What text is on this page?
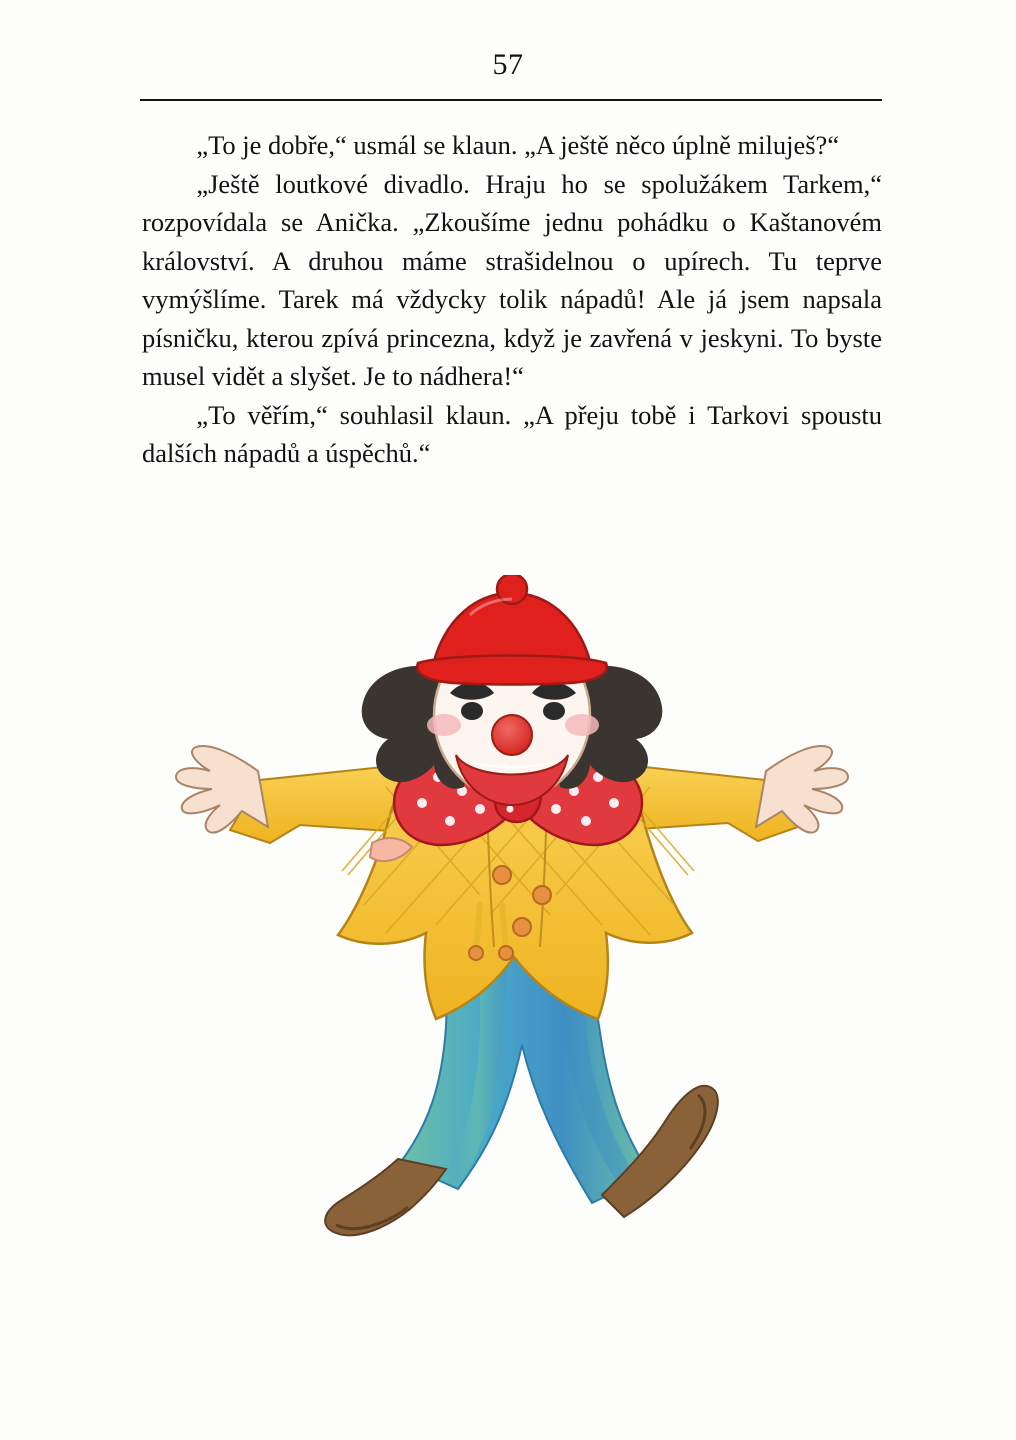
57

„To je dobře,“ usmál se klaun. „A ještě něco úplně miluješ?“

„Ještě loutkové divadlo. Hraju ho se spolužákem Tarkem,“ rozpovídala se Anička. „Zkoušíme jednu pohádku o Kaštanovém království. A druhou máme strašidelnou o upírech. Tu teprve vymýšlíme. Tarek má vždycky tolik nápadů! Ale já jsem napsala písničku, kterou zpívá princezna, když je zavřená v jeskyni. To byste musel vidět a slyšet. Je to nádhera!“

„To věřím,“ souhlasil klaun. „A přeju tobě i Tarkovi spoustu dalších nápadů a úspěchů.“
